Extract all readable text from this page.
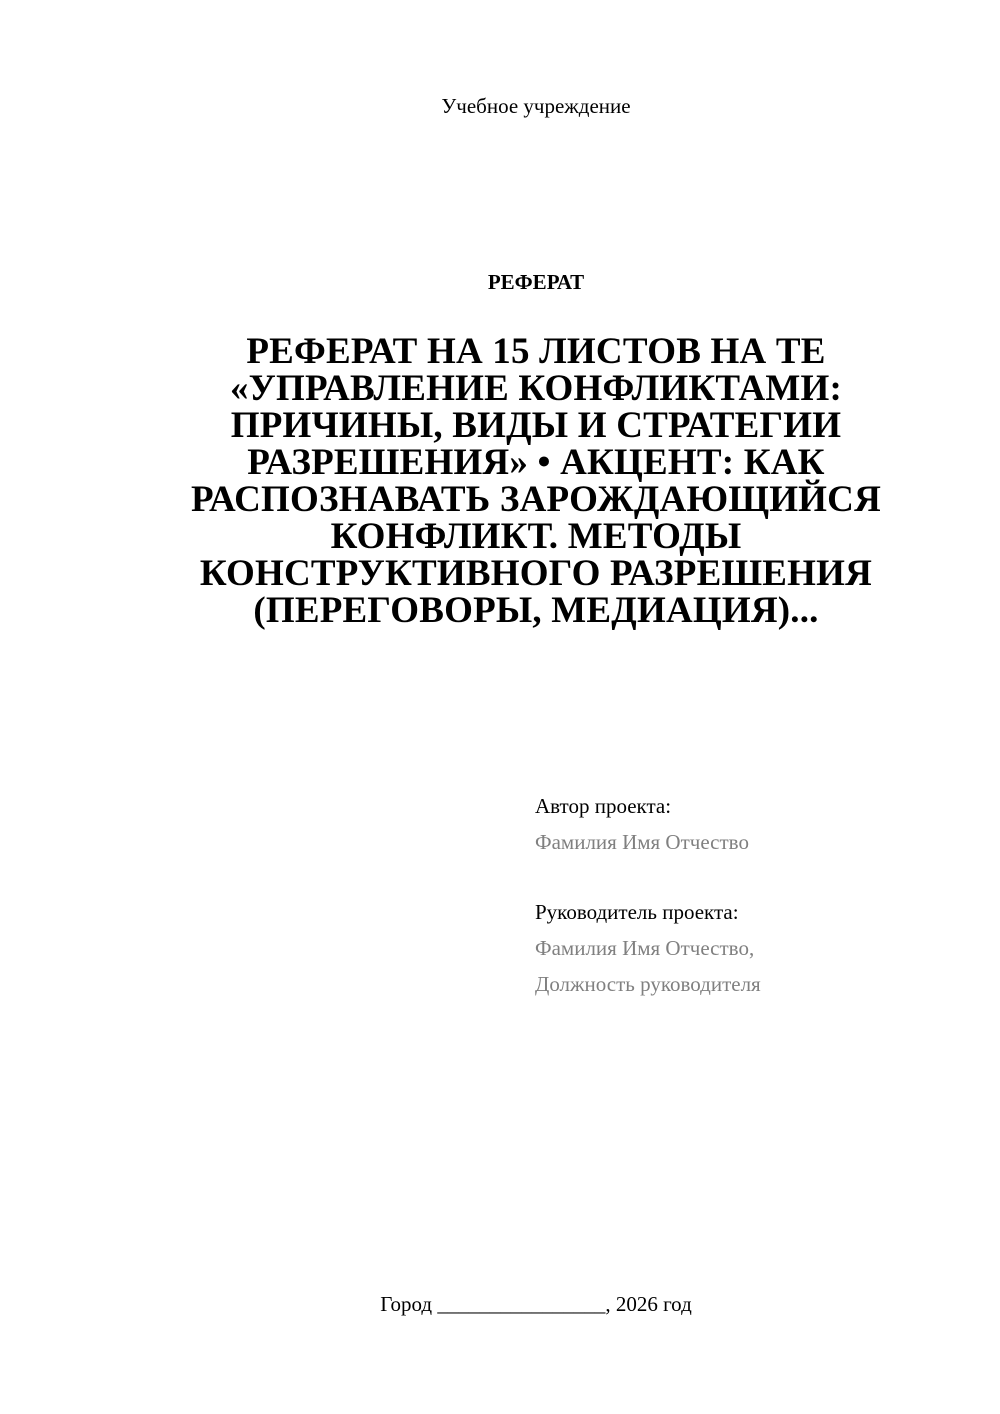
Учебное учреждение
РЕФЕРАТ
РЕФЕРАТ НА 15 ЛИСТОВ НА ТЕ
«УПРАВЛЕНИЕ КОНФЛИКТАМИ:
ПРИЧИНЫ, ВИДЫ И СТРАТЕГИИ
РАЗРЕШЕНИЯ» • АКЦЕНТ: КАК
РАСПОЗНАВАТЬ ЗАРОЖДАЮЩИЙСЯ
КОНФЛИКТ. МЕТОДЫ
КОНСТРУКТИВНОГО РАЗРЕШЕНИЯ
(ПЕРЕГОВОРЫ, МЕДИАЦИЯ)...
Автор проекта:
Фамилия Имя Отчество
Руководитель проекта:
Фамилия Имя Отчество,
Должность руководителя
Город ________________, 2026 год
